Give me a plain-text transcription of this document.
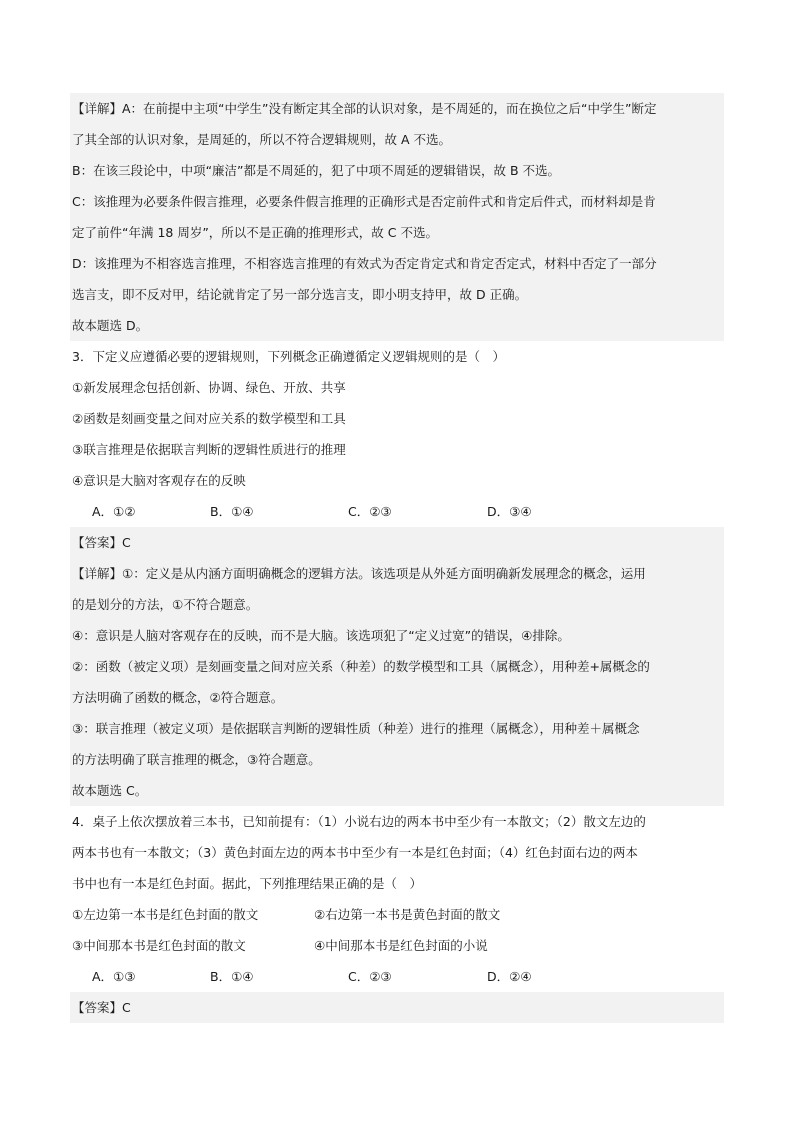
【详解】A：在前提中主项“中学生”没有断定其全部的认识对象，是不周延的，而在换位之后“中学生”断定
了其全部的认识对象，是周延的，所以不符合逻辑规则，故 A 不选。
B：在该三段论中，中项“廉洁”都是不周延的，犯了中项不周延的逻辑错误，故 B 不选。
C：该推理为必要条件假言推理，必要条件假言推理的正确形式是否定前件式和肯定后件式，而材料却是肯
定了前件“年满 18 周岁”，所以不是正确的推理形式，故 C 不选。
D：该推理为不相容选言推理，不相容选言推理的有效式为否定肯定式和肯定否定式，材料中否定了一部分
选言支，即不反对甲，结论就肯定了另一部分选言支，即小明支持甲，故 D 正确。
故本题选 D。
3．下定义应遵循必要的逻辑规则，下列概念正确遵循定义逻辑规则的是（　）
①新发展理念包括创新、协调、绿色、开放、共享
②函数是刻画变量之间对应关系的数学模型和工具
③联言推理是依据联言判断的逻辑性质进行的推理
④意识是大脑对客观存在的反映
A．①②	B．①④	C．②③	D．③④
【答案】C
【详解】①：定义是从内涵方面明确概念的逻辑方法。该选项是从外延方面明确新发展理念的概念，运用
的是划分的方法，①不符合题意。
④：意识是人脑对客观存在的反映，而不是大脑。该选项犯了“定义过宽”的错误，④排除。
②：函数（被定义项）是刻画变量之间对应关系（种差）的数学模型和工具（属概念），用种差+属概念的
方法明确了函数的概念，②符合题意。
③：联言推理（被定义项）是依据联言判断的逻辑性质（种差）进行的推理（属概念），用种差＋属概念
的方法明确了联言推理的概念，③符合题意。
故本题选 C。
4．桌子上依次摆放着三本书，已知前提有：（1）小说右边的两本书中至少有一本散文；（2）散文左边的
两本书也有一本散文；（3）黄色封面左边的两本书中至少有一本是红色封面；（4）红色封面右边的两本
书中也有一本是红色封面。据此，下列推理结果正确的是（　）
①左边第一本书是红色封面的散文	②右边第一本书是黄色封面的散文
③中间那本书是红色封面的散文	④中间那本书是红色封面的小说
A．①③	B．①④	C．②③	D．②④
【答案】C
